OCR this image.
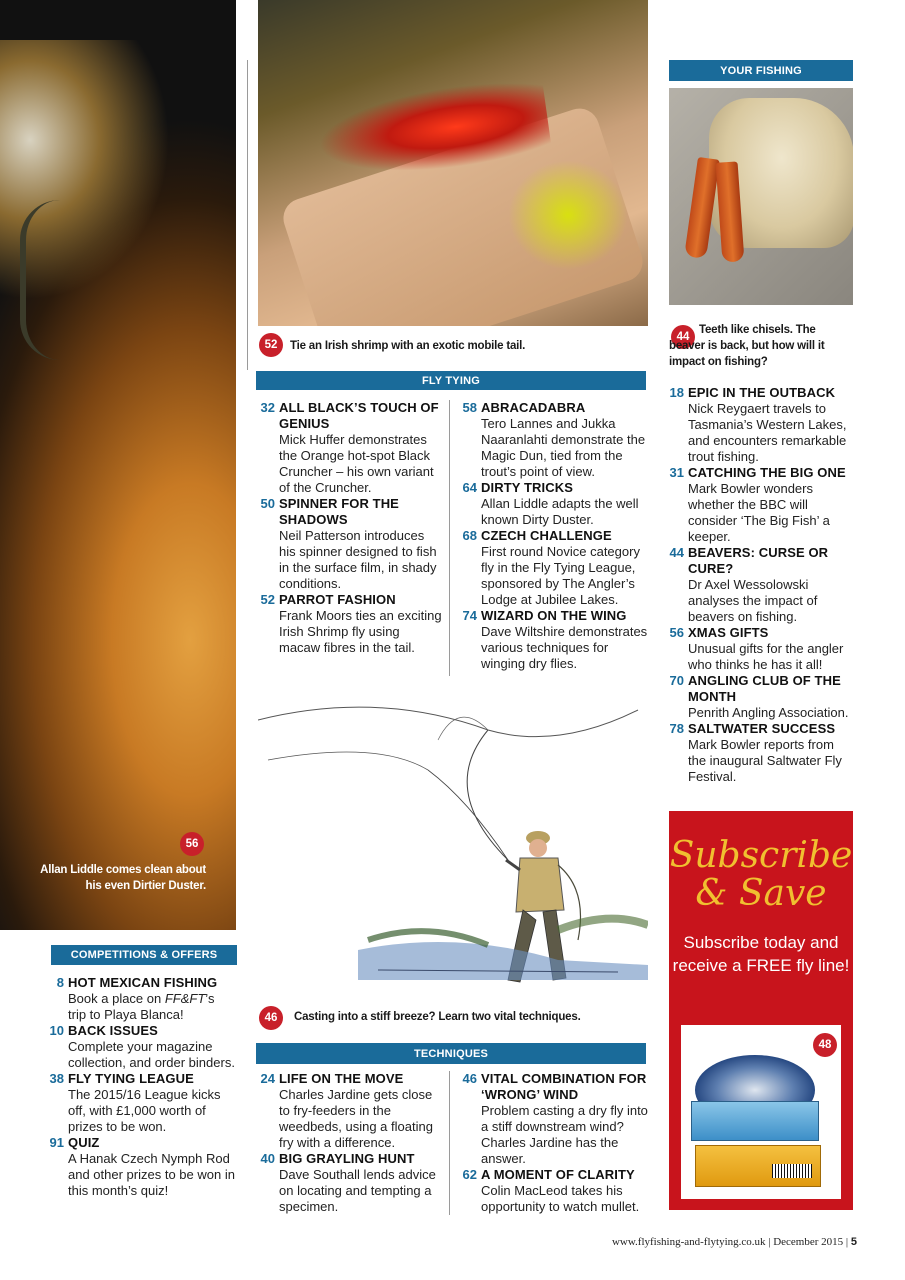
56
Allan Liddle comes clean about his even Dirtier Duster.
52	Tie an Irish shrimp with an exotic mobile tail.
FLY TYING
32 ALL BLACK’S TOUCH OF GENIUS
Mick Huffer demonstrates the Orange hot-spot Black Cruncher – his own variant of the Cruncher.
50 SPINNER FOR THE SHADOWS
Neil Patterson introduces his spinner designed to fish in the surface film, in shady conditions.
52 PARROT FASHION
Frank Moors ties an exciting Irish Shrimp fly using macaw fibres in the tail.
58 ABRACADABRA
Tero Lannes and Jukka Naaranlahti demonstrate the Magic Dun, tied from the trout’s point of view.
64 DIRTY TRICKS
Allan Liddle adapts the well known Dirty Duster.
68 CZECH CHALLENGE
First round Novice category fly in the Fly Tying League, sponsored by The Angler’s Lodge at Jubilee Lakes.
74 WIZARD ON THE WING
Dave Wiltshire demonstrates various techniques for winging dry flies.
46	Casting into a stiff breeze? Learn two vital techniques.
TECHNIQUES
24 LIFE ON THE MOVE
Charles Jardine gets close to fry-feeders in the weedbeds, using a floating fry with a difference.
40 BIG GRAYLING HUNT
Dave Southall lends advice on locating and tempting a specimen.
46 VITAL COMBINATION FOR ‘WRONG’ WIND
Problem casting a dry fly into a stiff downstream wind? Charles Jardine has the answer.
62 A MOMENT OF CLARITY
Colin MacLeod takes his opportunity to watch mullet.
COMPETITIONS & OFFERS
8 HOT MEXICAN FISHING
Book a place on FF&FT’s trip to Playa Blanca!
10 BACK ISSUES
Complete your magazine collection, and order binders.
38 FLY TYING LEAGUE
The 2015/16 League kicks off, with £1,000 worth of prizes to be won.
91 QUIZ
A Hanak Czech Nymph Rod and other prizes to be won in this month’s quiz!
YOUR FISHING
44
Teeth like chisels. The beaver is back, but how will it impact on fishing?
18 EPIC IN THE OUTBACK
Nick Reygaert travels to Tasmania’s Western Lakes, and encounters remarkable trout fishing.
31 CATCHING THE BIG ONE
Mark Bowler wonders whether the BBC will consider ‘The Big Fish’ a keeper.
44 BEAVERS: CURSE OR CURE?
Dr Axel Wessolowski analyses the impact of beavers on fishing.
56 XMAS GIFTS
Unusual gifts for the angler who thinks he has it all!
70 ANGLING CLUB OF THE MONTH
Penrith Angling Association.
78 SALTWATER SUCCESS
Mark Bowler reports from the inaugural Saltwater Fly Festival.
Subscribe
& Save
Subscribe today and receive a FREE fly line!
48
www.flyfishing-and-flytying.co.uk | December 2015 | 5
